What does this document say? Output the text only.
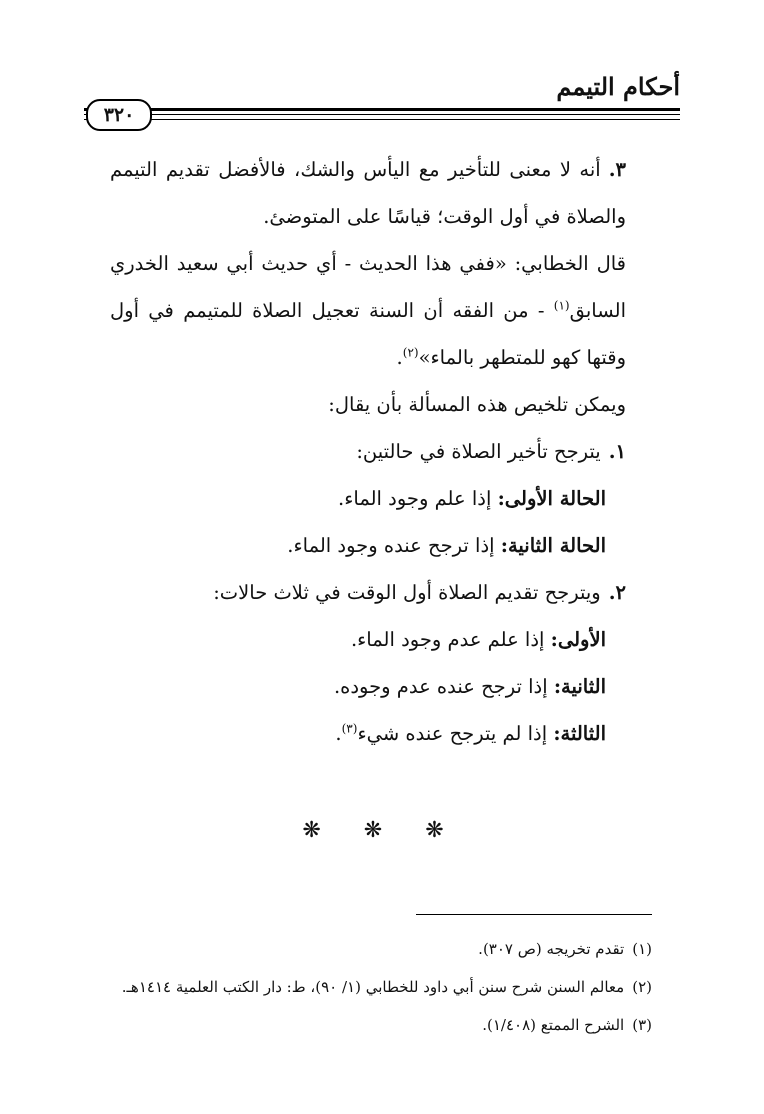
أحكام التيمم
٣٢٠

٣.أنه لا معنى للتأخير مع اليأس والشك، فالأفضل تقديم التيمم والصلاة في أول الوقت؛ قياسًا على المتوضئ.

قال الخطابي: «ففي هذا الحديث - أي حديث أبي سعيد الخدري السابق$^{(١)}$ - من الفقه أن السنة تعجيل الصلاة للمتيمم في أول وقتها كهو للمتطهر بالماء»$^{(٢)}$.

ويمكن تلخيص هذه المسألة بأن يقال:

١.يترجح تأخير الصلاة في حالتين:

الحالة الأولى: إذا علم وجود الماء.

الحالة الثانية: إذا ترجح عنده وجود الماء.

٢.ويترجح تقديم الصلاة أول الوقت في ثلاث حالات:

الأولى: إذا علم عدم وجود الماء.

الثانية: إذا ترجح عنده عدم وجوده.

الثالثة: إذا لم يترجح عنده شيء$^{(٣)}$.

❋ ❋ ❋

(١)تقدم تخريجه (ص ٣٠٧).

(٢)معالم السنن شرح سنن أبي داود للخطابي (١/ ٩٠)، ط: دار الكتب العلمية ١٤١٤هـ.

(٣)الشرح الممتع (١/٤٠٨).
